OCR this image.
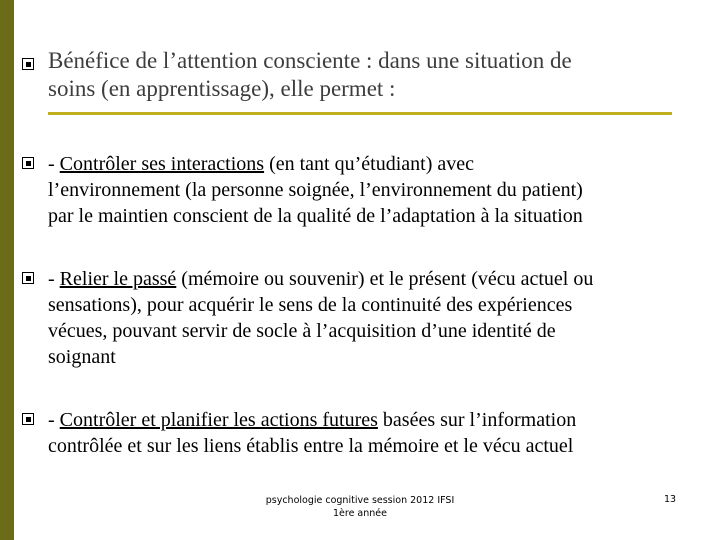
Bénéfice de l’attention consciente : dans une situation de
soins (en apprentissage), elle permet :
- Contrôler ses interactions (en tant qu’étudiant) avec
l’environnement (la personne soignée, l’environnement du patient)
par le maintien conscient de la qualité de l’adaptation à la situation
- Relier le passé (mémoire ou souvenir) et le présent (vécu actuel ou
sensations), pour acquérir le sens de la continuité des expériences
vécues, pouvant servir de socle à l’acquisition d’une identité de
soignant
- Contrôler et planifier les actions futures basées sur l’information
contrôlée et sur les liens établis entre la mémoire et le vécu actuel
psychologie cognitive session 2012 IFSI
1ère année
13
